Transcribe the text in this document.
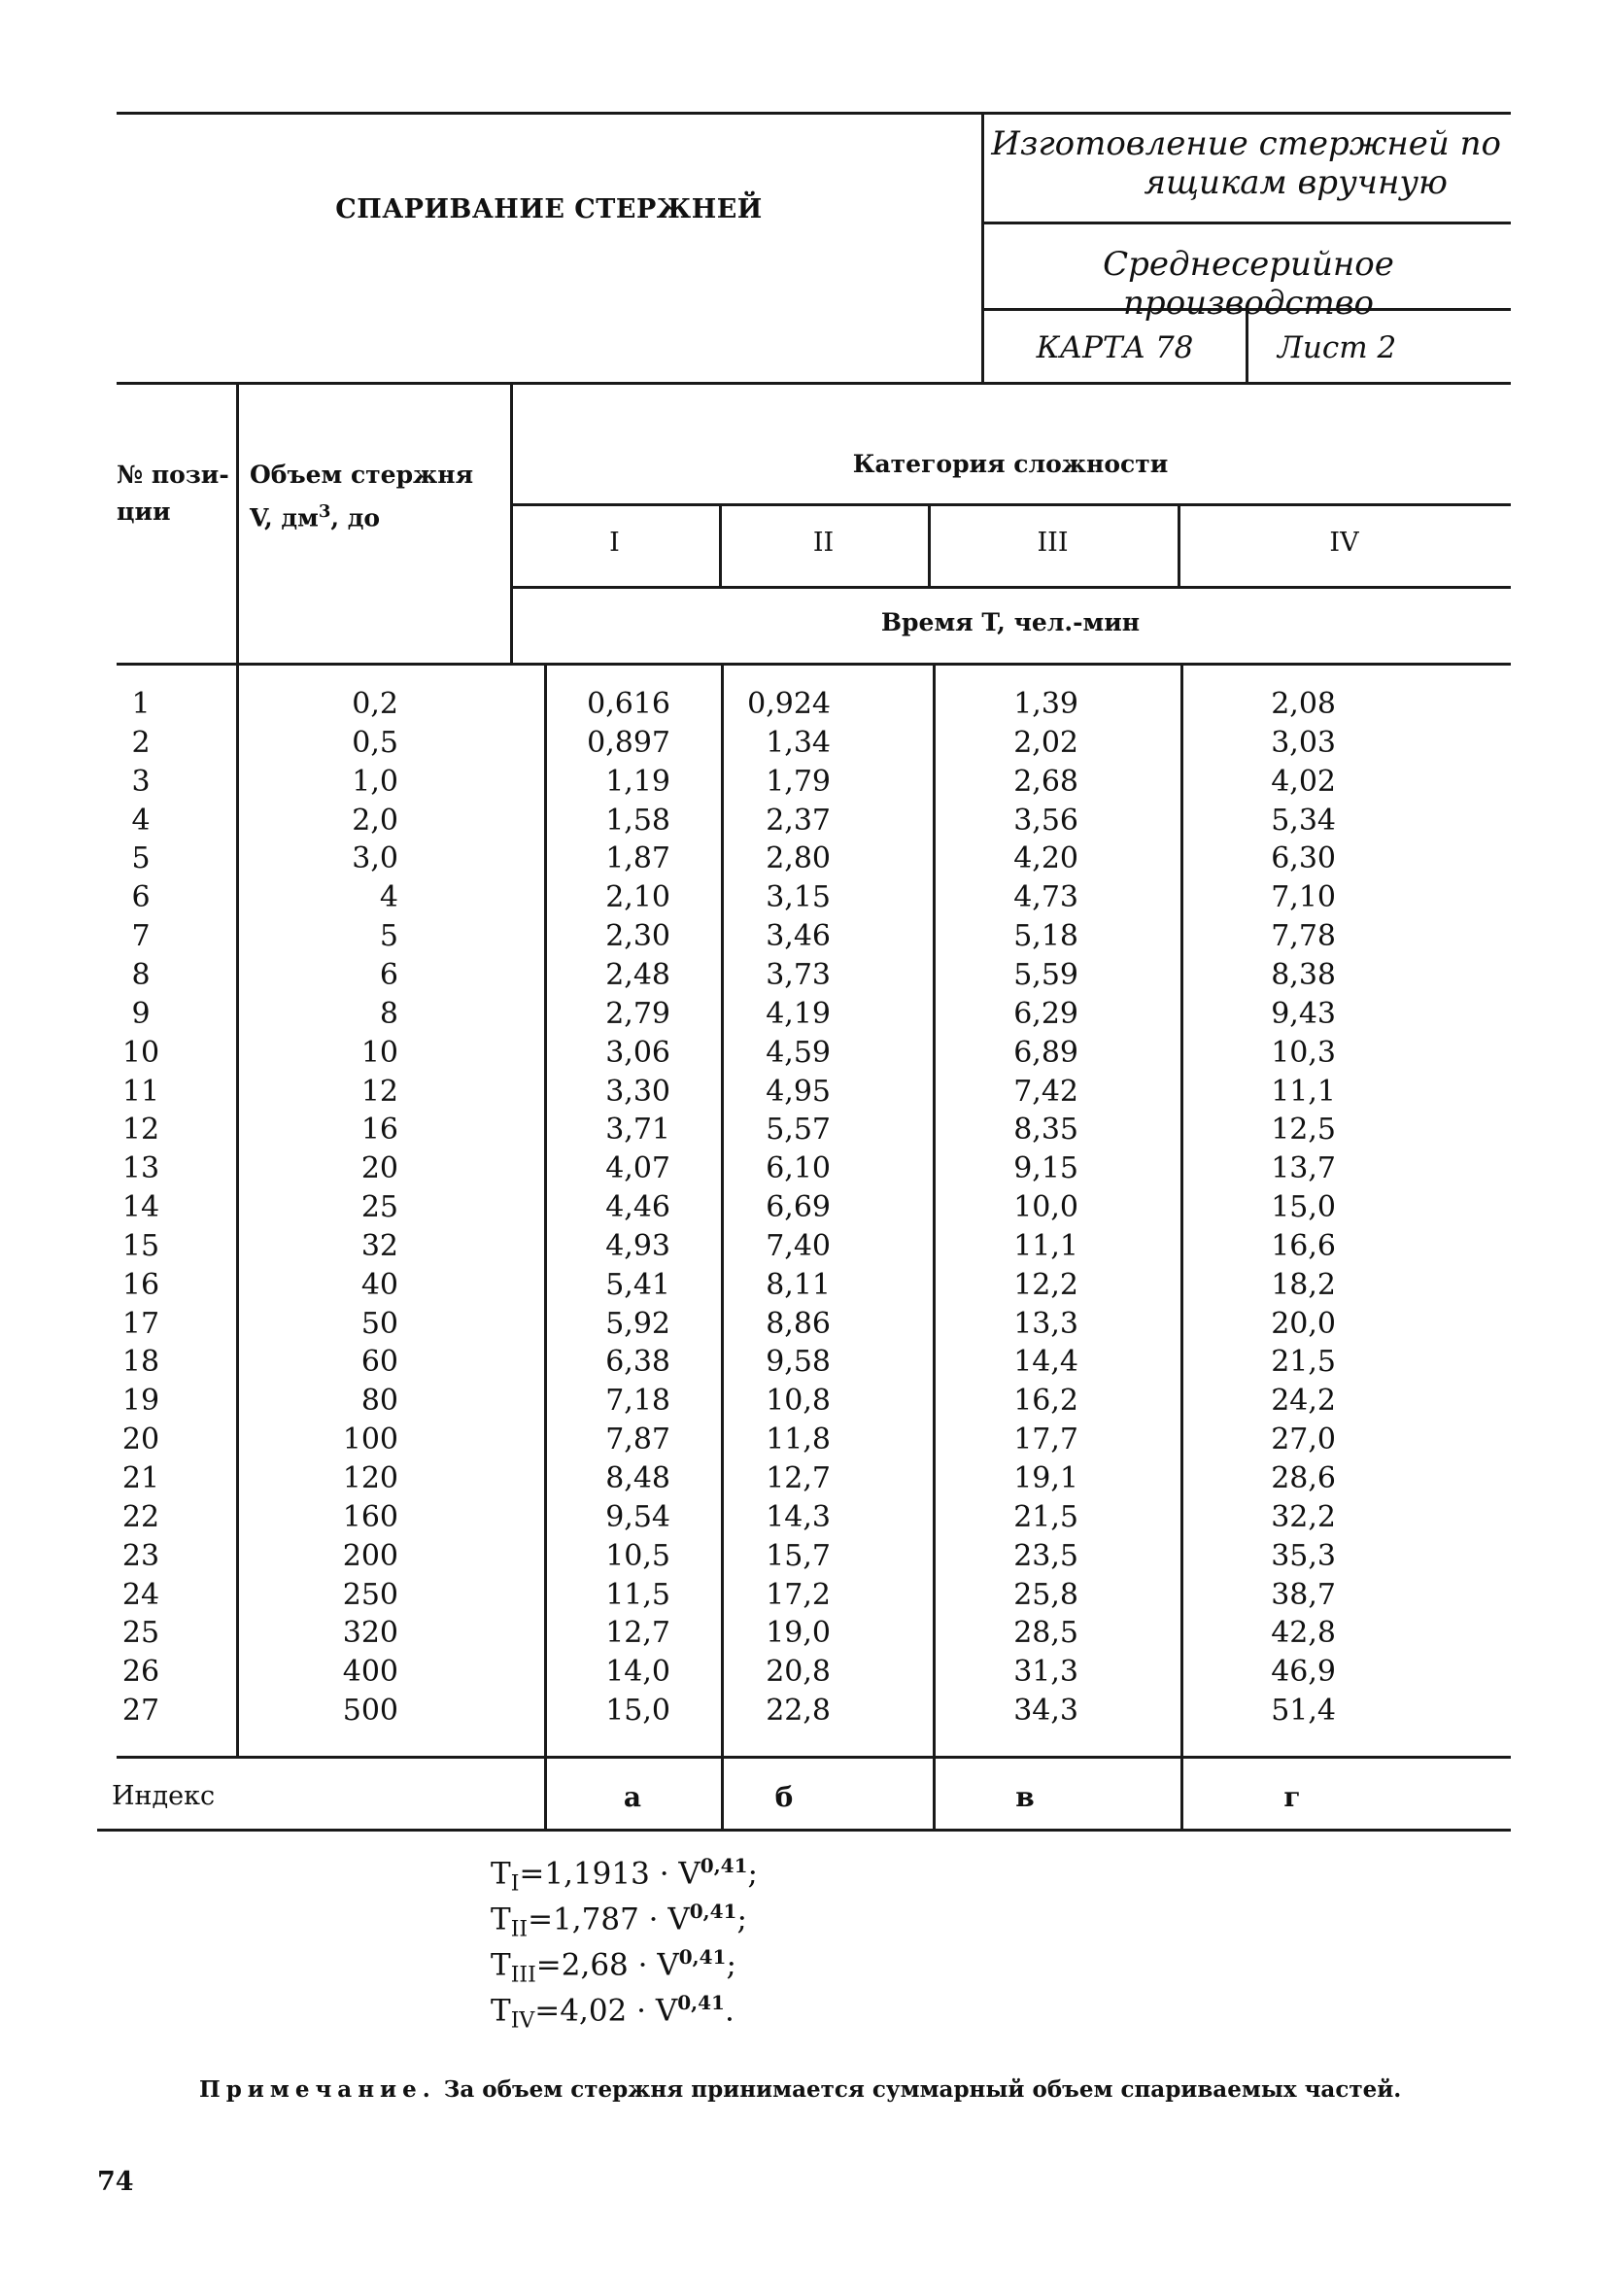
СПАРИВАНИЕ СТЕРЖНЕЙ
Изготовление стержней по
ящикам вручную
Среднесерийное производство
КАРТА 78	Лист 2
№ пози-
ции
Объем стержня
V, $дм^3$, до
Категория сложности
I	II	III	IV
Время T, чел.-мин
1	0,2	0,616	0,924	1,39	2,08
2	0,5	0,897	1,34	2,02	3,03
3	1,0	1,19	1,79	2,68	4,02
4	2,0	1,58	2,37	3,56	5,34
5	3,0	1,87	2,80	4,20	6,30
6	4	2,10	3,15	4,73	7,10
7	5	2,30	3,46	5,18	7,78
8	6	2,48	3,73	5,59	8,38
9	8	2,79	4,19	6,29	9,43
10	10	3,06	4,59	6,89	10,3
11	12	3,30	4,95	7,42	11,1
12	16	3,71	5,57	8,35	12,5
13	20	4,07	6,10	9,15	13,7
14	25	4,46	6,69	10,0	15,0
15	32	4,93	7,40	11,1	16,6
16	40	5,41	8,11	12,2	18,2
17	50	5,92	8,86	13,3	20,0
18	60	6,38	9,58	14,4	21,5
19	80	7,18	10,8	16,2	24,2
20	100	7,87	11,8	17,7	27,0
21	120	8,48	12,7	19,1	28,6
22	160	9,54	14,3	21,5	32,2
23	200	10,5	15,7	23,5	35,3
24	250	11,5	17,2	25,8	38,7
25	320	12,7	19,0	28,5	42,8
26	400	14,0	20,8	31,3	46,9
27	500	15,0	22,8	34,3	51,4
Индекс	а	б	в	г
$T_I=1,1913 \cdot V^{0,41}$;
$T_{II}=1,787 \cdot V^{0,41}$;
$T_{III}=2,68 \cdot V^{0,41}$;
$T_{IV}=4,02 \cdot V^{0,41}$.
Примечание. За объем стержня принимается суммарный объем спариваемых частей.
74
